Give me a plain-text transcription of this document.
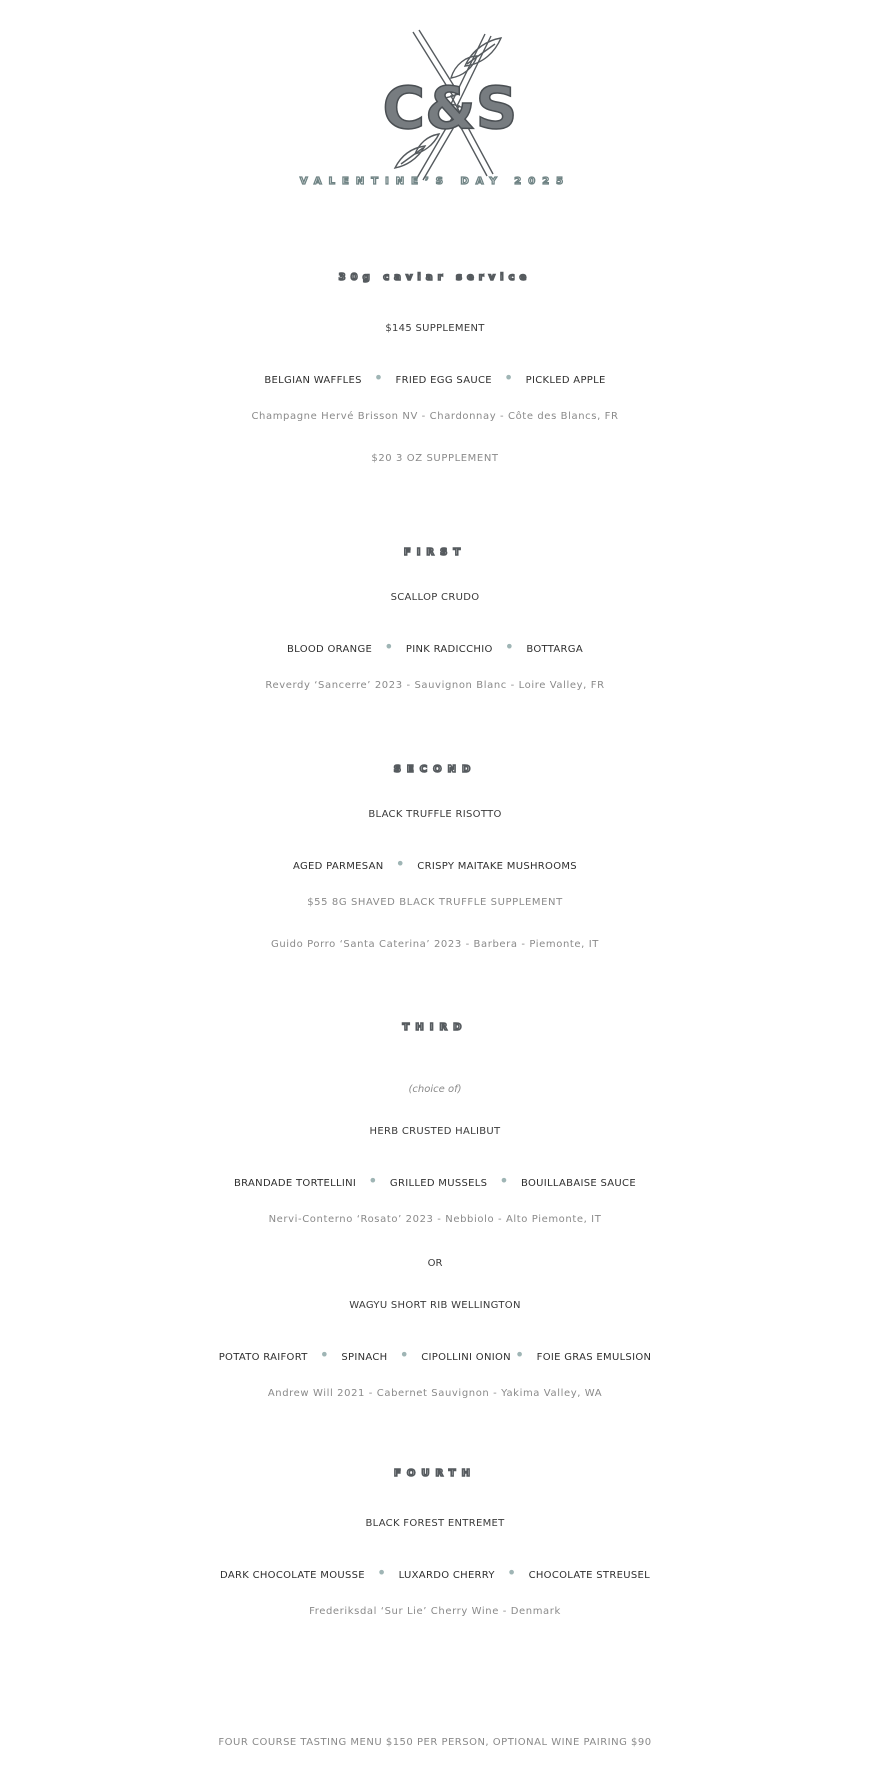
C&S
VALENTINE’S DAY 2025
30g caviar service
$145 SUPPLEMENT
BELGIAN WAFFLES • FRIED EGG SAUCE • PICKLED APPLE
Champagne Hervé Brisson NV - Chardonnay - Côte des Blancs, FR
$20 3 OZ SUPPLEMENT
FIRST
SCALLOP CRUDO
BLOOD ORANGE • PINK RADICCHIO • BOTTARGA
Reverdy ‘Sancerre’ 2023 - Sauvignon Blanc - Loire Valley, FR
SECOND
BLACK TRUFFLE RISOTTO
AGED PARMESAN • CRISPY MAITAKE MUSHROOMS
$55 8G SHAVED BLACK TRUFFLE SUPPLEMENT
Guido Porro ‘Santa Caterina’ 2023 - Barbera - Piemonte, IT
THIRD
(choice of)
HERB CRUSTED HALIBUT
BRANDADE TORTELLINI • GRILLED MUSSELS • BOUILLABAISE SAUCE
Nervi-Conterno ‘Rosato’ 2023 - Nebbiolo - Alto Piemonte, IT
OR
WAGYU SHORT RIB WELLINGTON
POTATO RAIFORT • SPINACH • CIPOLLINI ONION • FOIE GRAS EMULSION
Andrew Will 2021 - Cabernet Sauvignon - Yakima Valley, WA
FOURTH
BLACK FOREST ENTREMET
DARK CHOCOLATE MOUSSE • LUXARDO CHERRY • CHOCOLATE STREUSEL
Frederiksdal ‘Sur Lie’ Cherry Wine - Denmark
FOUR COURSE TASTING MENU $150 PER PERSON, OPTIONAL WINE PAIRING $90
